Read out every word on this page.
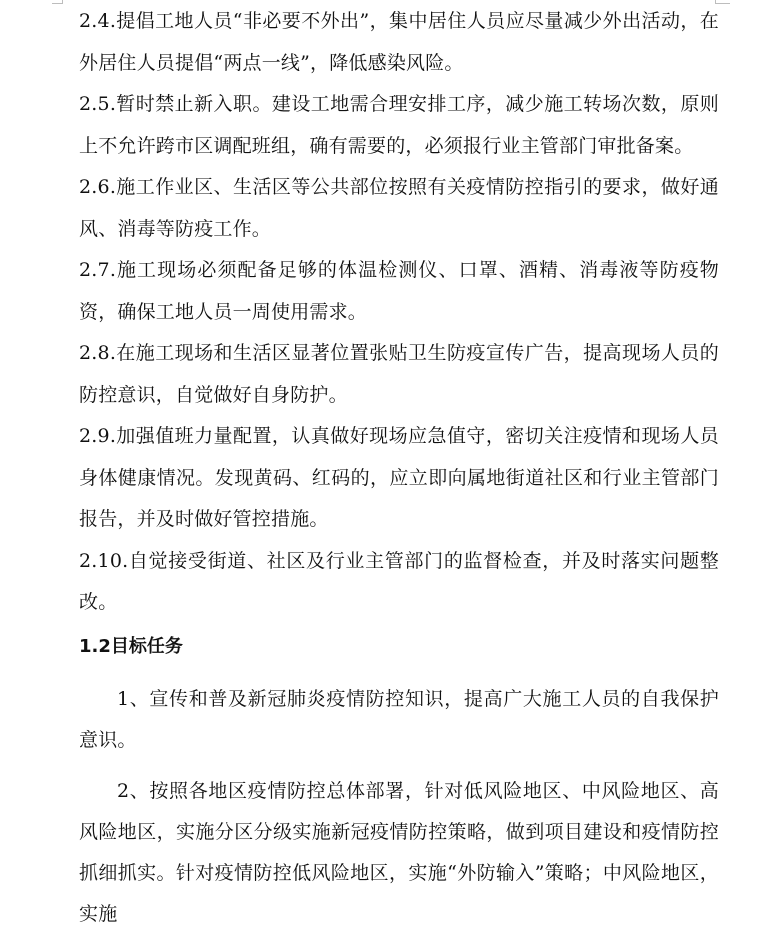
2.4.提倡工地人员“非必要不外出”，集中居住人员应尽量减少外出活动，在外居住人员提倡“两点一线”，降低感染风险。

2.5.暂时禁止新入职。建设工地需合理安排工序，减少施工转场次数，原则上不允许跨市区调配班组，确有需要的，必须报行业主管部门审批备案。

2.6.施工作业区、生活区等公共部位按照有关疫情防控指引的要求，做好通风、消毒等防疫工作。

2.7.施工现场必须配备足够的体温检测仪、口罩、酒精、消毒液等防疫物资，确保工地人员一周使用需求。

2.8.在施工现场和生活区显著位置张贴卫生防疫宣传广告，提高现场人员的防控意识，自觉做好自身防护。

2.9.加强值班力量配置，认真做好现场应急值守，密切关注疫情和现场人员身体健康情况。发现黄码、红码的，应立即向属地街道社区和行业主管部门报告，并及时做好管控措施。

2.10.自觉接受街道、社区及行业主管部门的监督检查，并及时落实问题整改。

1.2目标任务

1、宣传和普及新冠肺炎疫情防控知识，提高广大施工人员的自我保护意识。

2、按照各地区疫情防控总体部署，针对低风险地区、中风险地区、高风险地区，实施分区分级实施新冠疫情防控策略，做到项目建设和疫情防控抓细抓实。针对疫情防控低风险地区，实施“外防输入”策略；中风险地区，实施
